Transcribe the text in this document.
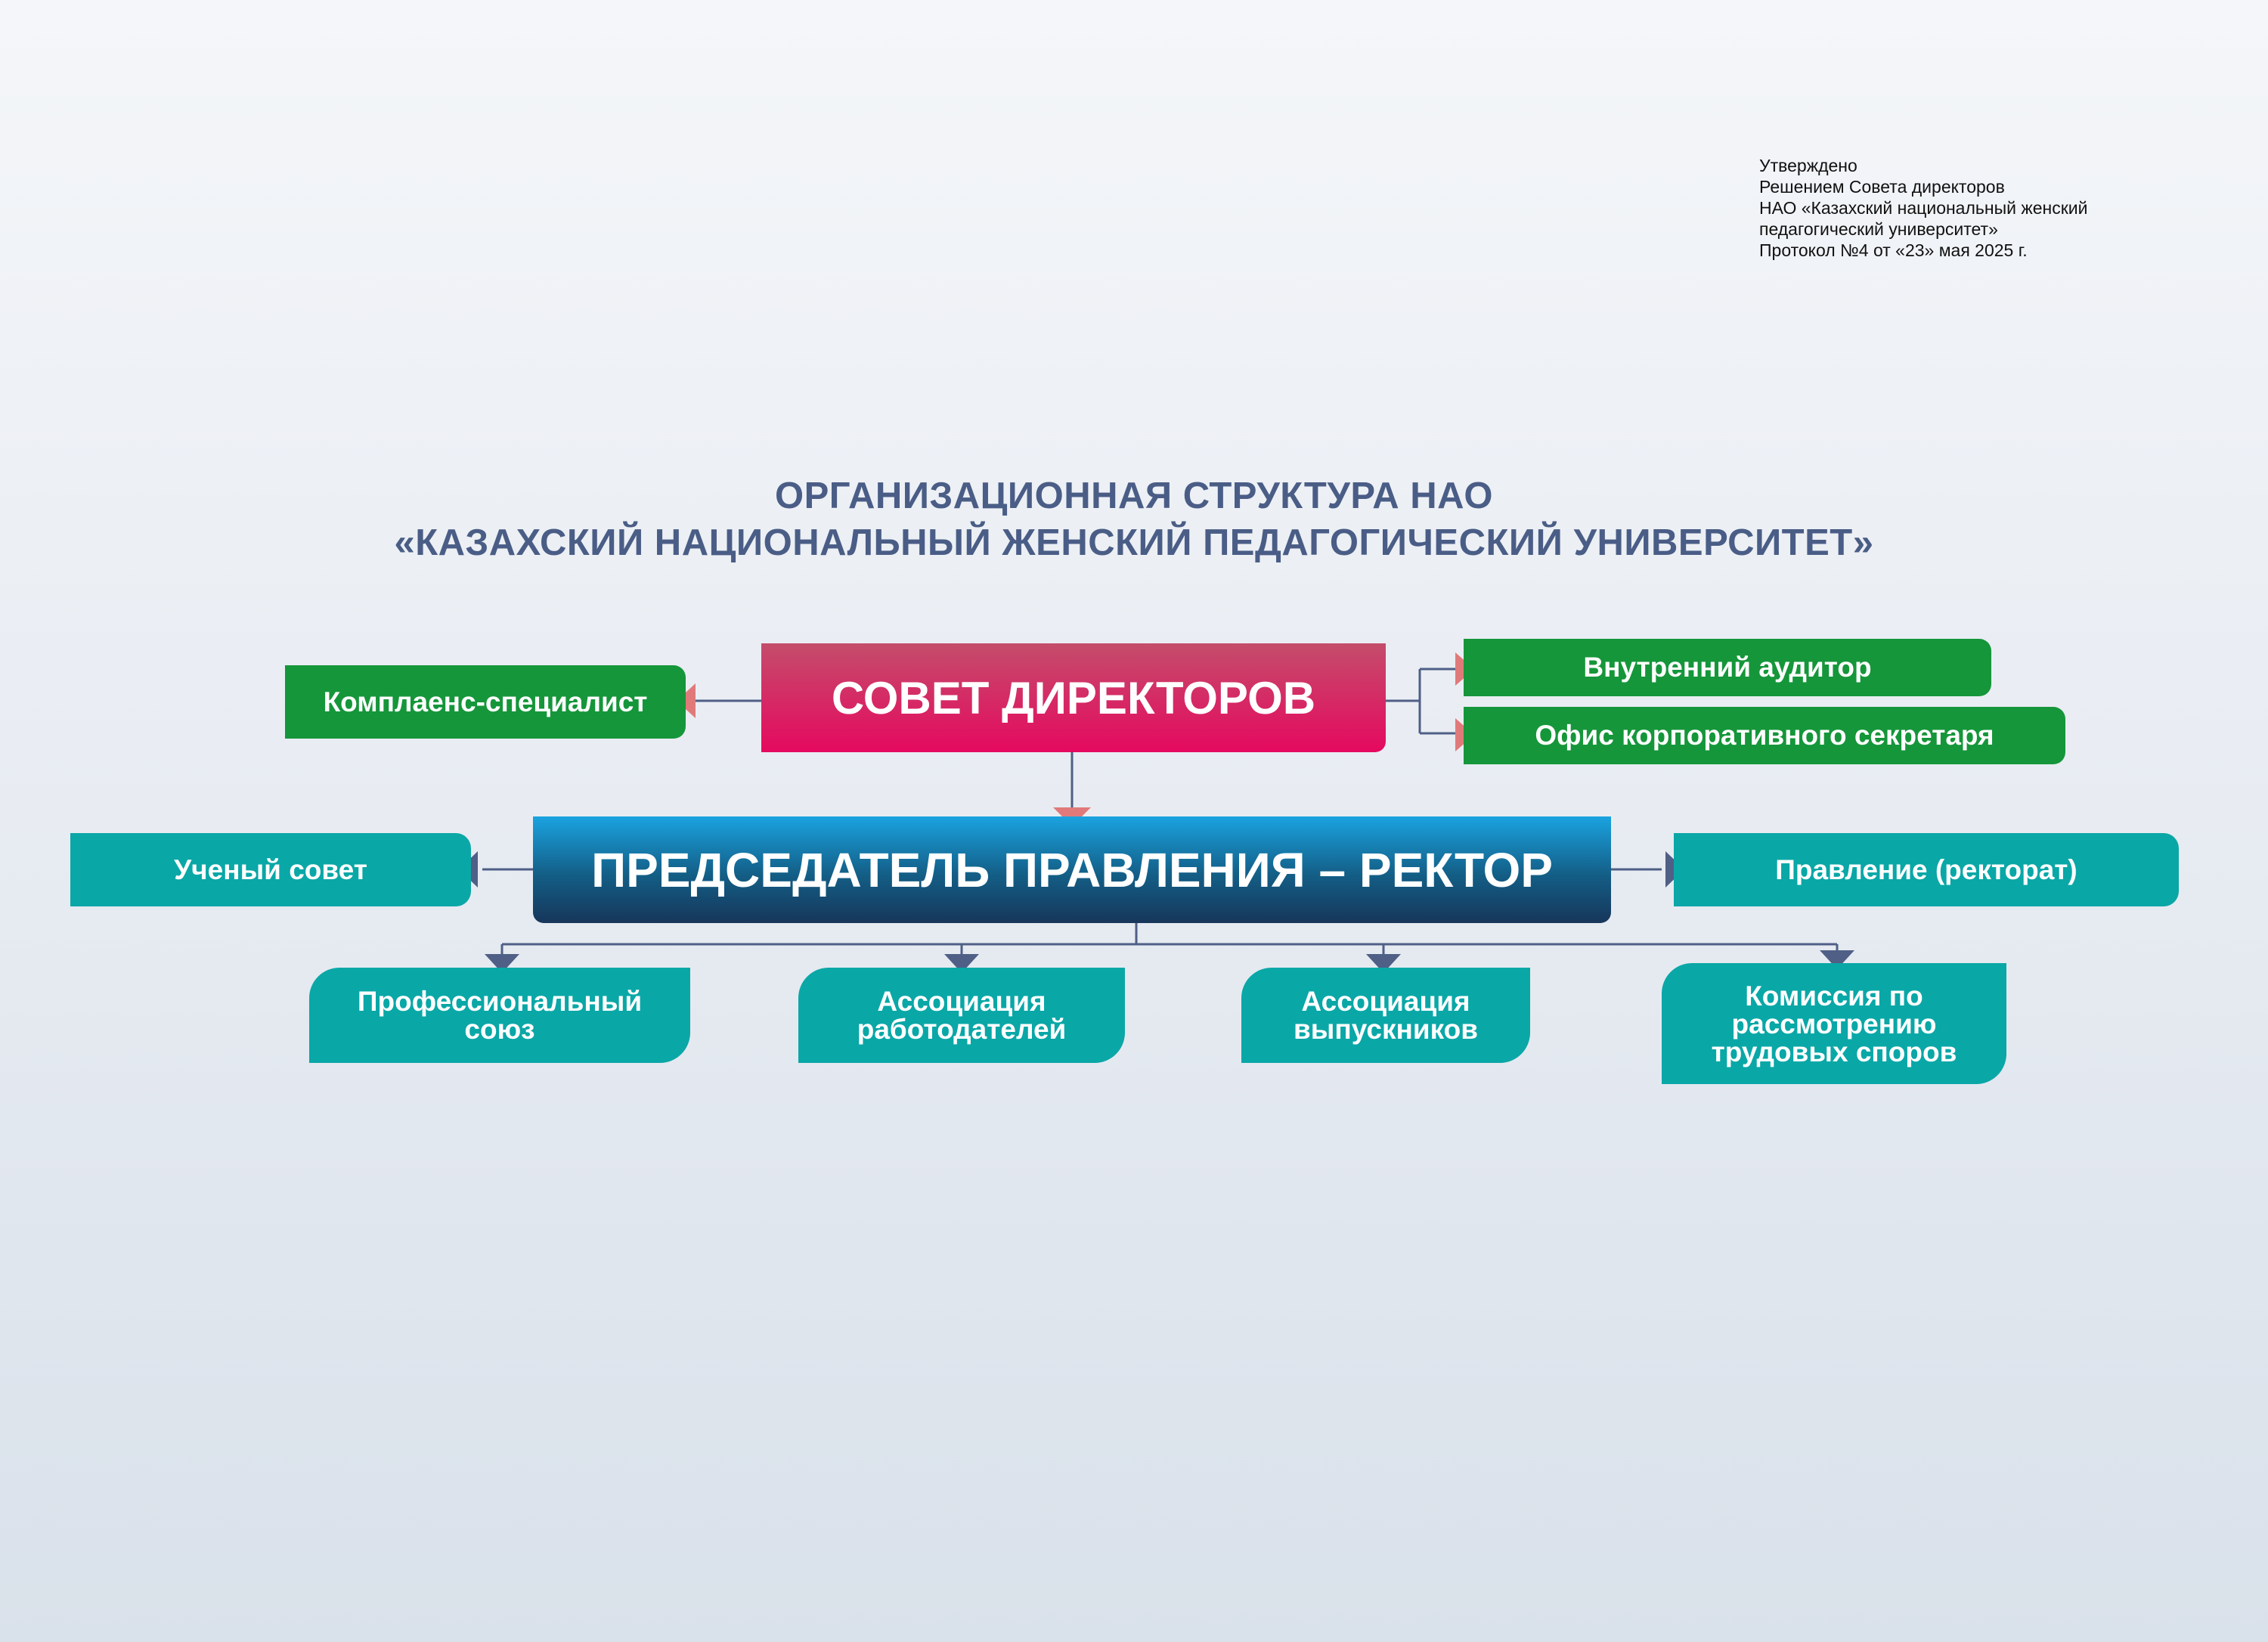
Утверждено
Решением Совета директоров
НАО «Казахский национальный женский
педагогический университет»
Протокол №4 от «23» мая 2025 г.
ОРГАНИЗАЦИОННАЯ СТРУКТУРА НАО
«КАЗАХСКИЙ НАЦИОНАЛЬНЫЙ ЖЕНСКИЙ ПЕДАГОГИЧЕСКИЙ УНИВЕРСИТЕТ»
СОВЕТ ДИРЕКТОРОВ
Комплаенс-специалист
Внутренний аудитор
Офис корпоративного секретаря
ПРЕДСЕДАТЕЛЬ ПРАВЛЕНИЯ – РЕКТОР
Ученый совет	Правление (ректорат)
Профессиональный
союз
Ассоциация
работодателей
Ассоциация
выпускников
Комиссия по
рассмотрению
трудовых споров
